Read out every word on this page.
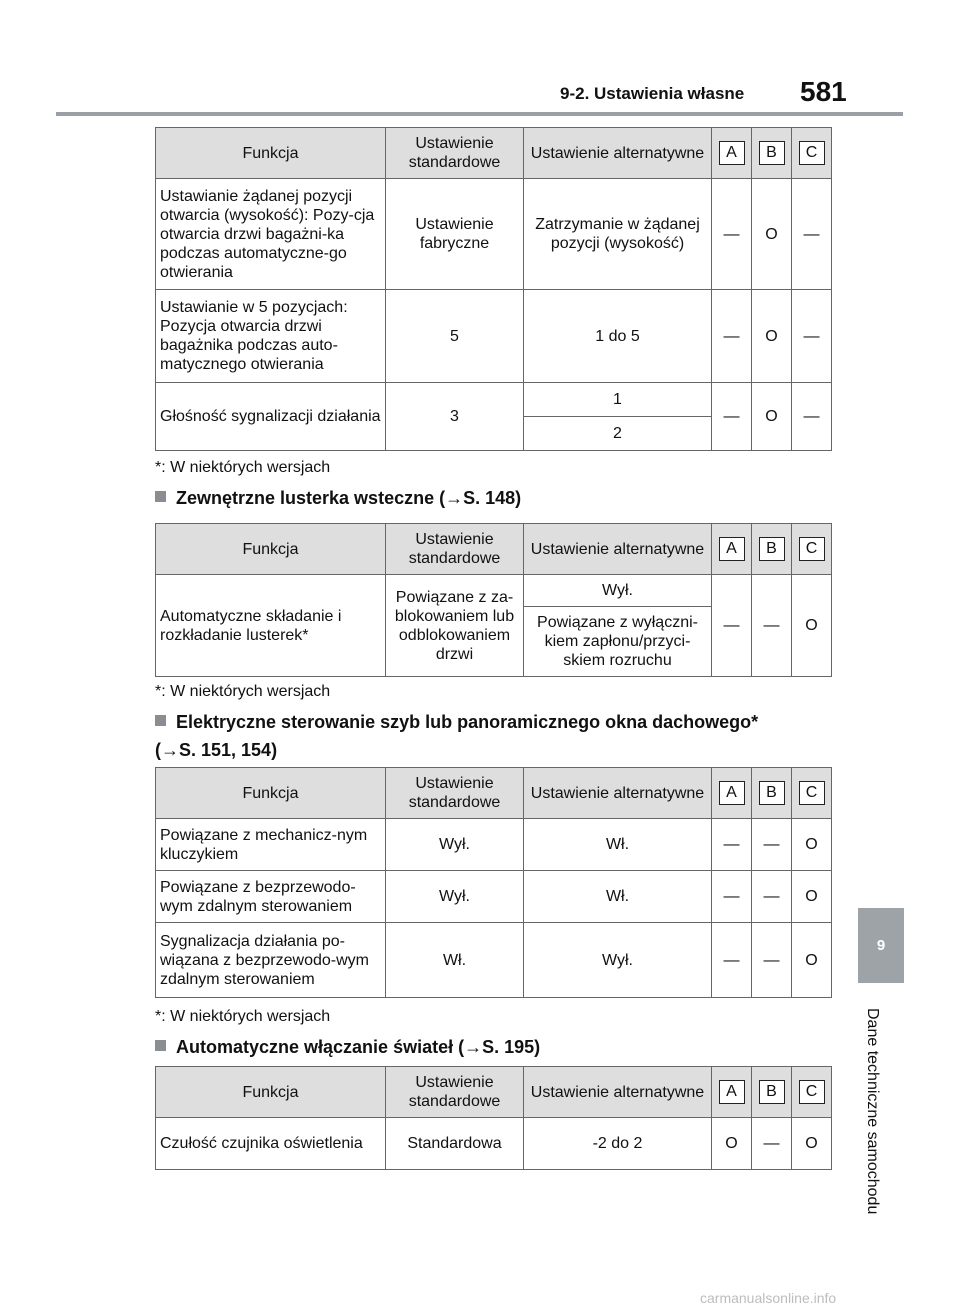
9-2. Ustawienia własne 581
9
Dane techniczne samochodu
Funkcja	Ustawienie standardowe	Ustawienie alternatywne	A	B	C
Ustawianie żądanej pozycji otwarcia (wysokość): Pozy-cja otwarcia drzwi bagażni-ka podczas automatyczne-go otwierania	Ustawienie fabryczne	Zatrzymanie w żądanej pozycji (wysokość)	—	O	—
Ustawianie w 5 pozycjach: Pozycja otwarcia drzwi bagażnika podczas auto-matycznego otwierania	5	1 do 5	—	O	—
Głośność sygnalizacji działania	3	1	—	O	—
		2			
*: W niektórych wersjach
Zewnętrzne lusterka wsteczne (→S. 148)
Funkcja	Ustawienie standardowe	Ustawienie alternatywne	A	B	C
Automatyczne składanie i rozkładanie lusterek*	Powiązane z za-blokowaniem lub odblokowaniem drzwi	Wył.	—	—	O
		Powiązane z wyłączni-kiem zapłonu/przyci-skiem rozruchu			
*: W niektórych wersjach
Elektryczne sterowanie szyb lub panoramicznego okna dachowego*
(→S. 151, 154)
Funkcja	Ustawienie standardowe	Ustawienie alternatywne	A	B	C
Powiązane z mechanicz-nym kluczykiem	Wył.	Wł.	—	—	O
Powiązane z bezprzewodo-wym zdalnym sterowaniem	Wył.	Wł.	—	—	O
Sygnalizacja działania po-wiązana z bezprzewodo-wym zdalnym sterowaniem	Wł.	Wył.	—	—	O
*: W niektórych wersjach
Automatyczne włączanie świateł (→S. 195)
Funkcja	Ustawienie standardowe	Ustawienie alternatywne	A	B	C
Czułość czujnika oświetlenia	Standardowa	-2 do 2	O	—	O
carmanualsonline.info
